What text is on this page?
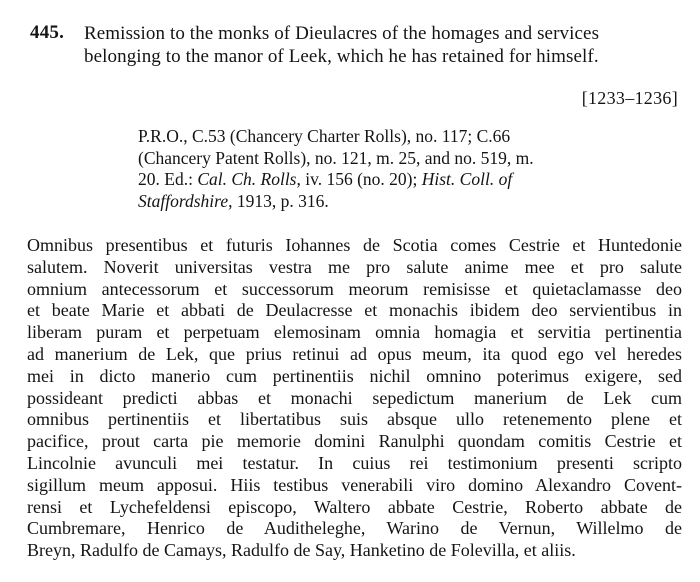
445. Remission to the monks of Dieulacres of the homages and services
belonging to the manor of Leek, which he has retained for himself.
[1233–1236]
P.R.O., C.53 (Chancery Charter Rolls), no. 117; C.66
(Chancery Patent Rolls), no. 121, m. 25, and no. 519, m.
20. Ed.: Cal. Ch. Rolls, iv. 156 (no. 20); Hist. Coll. of
Staffordshire, 1913, p. 316.
Omnibus presentibus et futuris Iohannes de Scotia comes Cestrie et Huntedonie
salutem. Noverit universitas vestra me pro salute anime mee et pro salute
omnium antecessorum et successorum meorum remisisse et quietaclamasse deo
et beate Marie et abbati de Deulacresse et monachis ibidem deo servientibus in
liberam puram et perpetuam elemosinam omnia homagia et servitia pertinentia
ad manerium de Lek, que prius retinui ad opus meum, ita quod ego vel heredes
mei in dicto manerio cum pertinentiis nichil omnino poterimus exigere, sed
possideant predicti abbas et monachi sepedictum manerium de Lek cum
omnibus pertinentiis et libertatibus suis absque ullo retenemento plene et
pacifice, prout carta pie memorie domini Ranulphi quondam comitis Cestrie et
Lincolnie avunculi mei testatur. In cuius rei testimonium presenti scripto
sigillum meum apposui. Hiis testibus venerabili viro domino Alexandro Covent-
rensi et Lychefeldensi episcopo, Waltero abbate Cestrie, Roberto abbate de
Cumbremare, Henrico de Auditheleghe, Warino de Vernun, Willelmo de
Breyn, Radulfo de Camays, Radulfo de Say, Hanketino de Folevilla, et aliis.
